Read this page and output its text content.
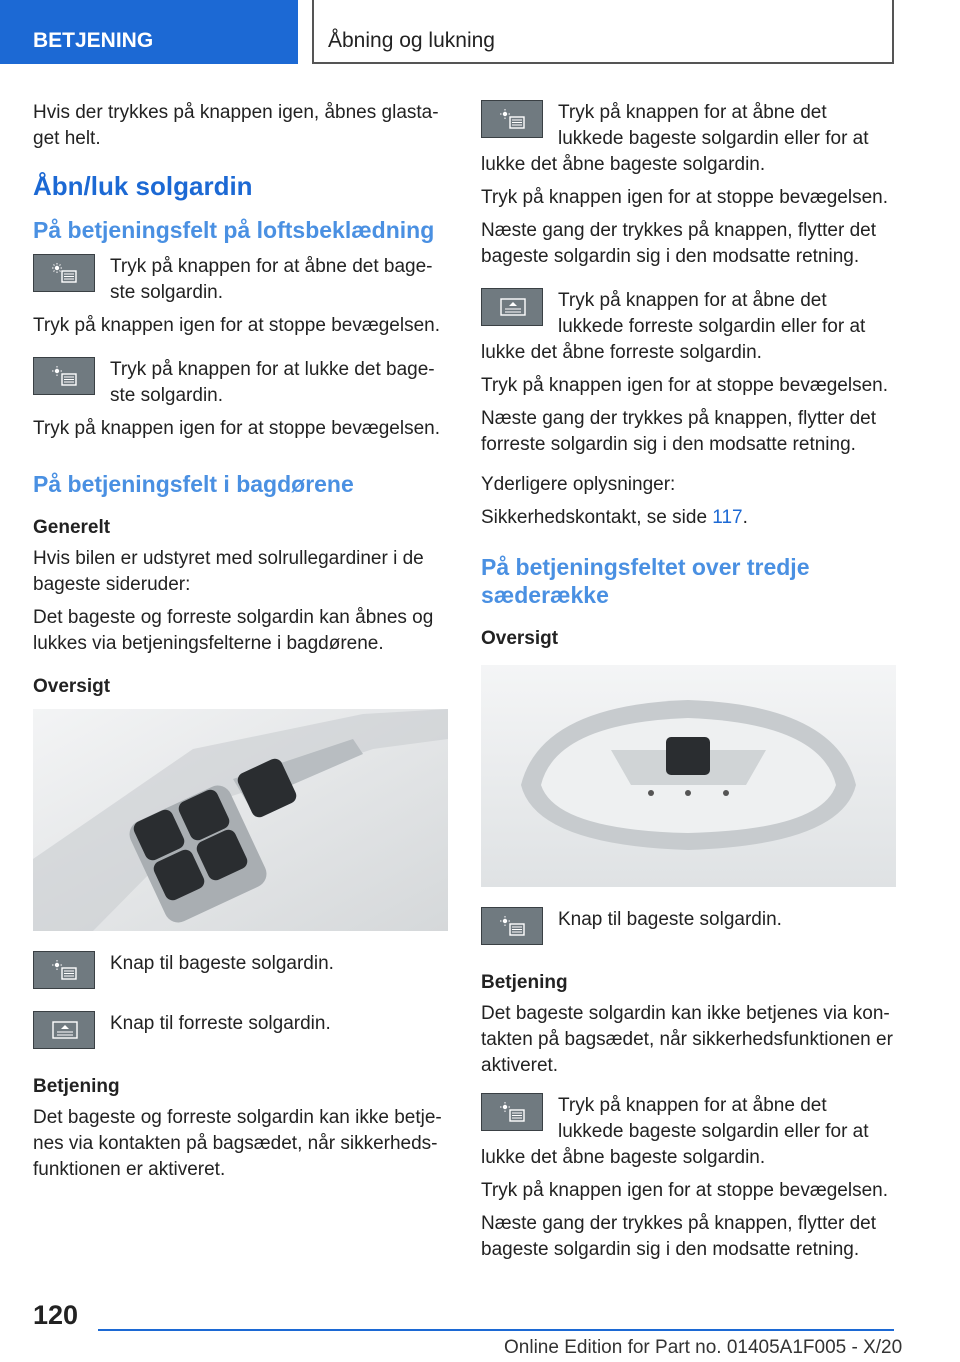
BETJENING	Åbning og lukning

Hvis der trykkes på knappen igen, åbnes glasta‐get helt.

Åbn/luk solgardin
På betjeningsfelt på loftsbeklædning

Tryk på knappen for at åbne det bage‐ste solgardin.

Tryk på knappen igen for at stoppe bevægelsen.

Tryk på knappen for at lukke det bage‐ste solgardin.

Tryk på knappen igen for at stoppe bevægelsen.

På betjeningsfelt i bagdørene
Generelt

Hvis bilen er udstyret med solrullegardiner i de bageste sideruder:

Det bageste og forreste solgardin kan åbnes og lukkes via betjeningsfelterne i bagdørene.

Oversigt

Knap til bageste solgardin.

Knap til forreste solgardin.

Betjening

Det bageste og forreste solgardin kan ikke betje‐nes via kontakten på bagsædet, når sikkerheds‐funktionen er aktiveret.

Tryk på knappen for at åbne det lukkede bageste solgardin eller for at lukke det åbne bageste solgardin.

Tryk på knappen igen for at stoppe bevægelsen.

Næste gang der trykkes på knappen, flytter det bageste solgardin sig i den modsatte retning.

Tryk på knappen for at åbne det lukkede forreste solgardin eller for at lukke det åbne forreste solgardin.

Tryk på knappen igen for at stoppe bevægelsen.

Næste gang der trykkes på knappen, flytter det forreste solgardin sig i den modsatte retning.

Yderligere oplysninger:

Sikkerhedskontakt, se side 117.

På betjeningsfeltet over tredje sæderække
Oversigt

Knap til bageste solgardin.

Betjening

Det bageste solgardin kan ikke betjenes via kon‐takten på bagsædet, når sikkerhedsfunktionen er aktiveret.

Tryk på knappen for at åbne det lukkede bageste solgardin eller for at lukke det åbne bageste solgardin.

Tryk på knappen igen for at stoppe bevægelsen.

Næste gang der trykkes på knappen, flytter det bageste solgardin sig i den modsatte retning.

120
Online Edition for Part no. 01405A1F005 - X/20
